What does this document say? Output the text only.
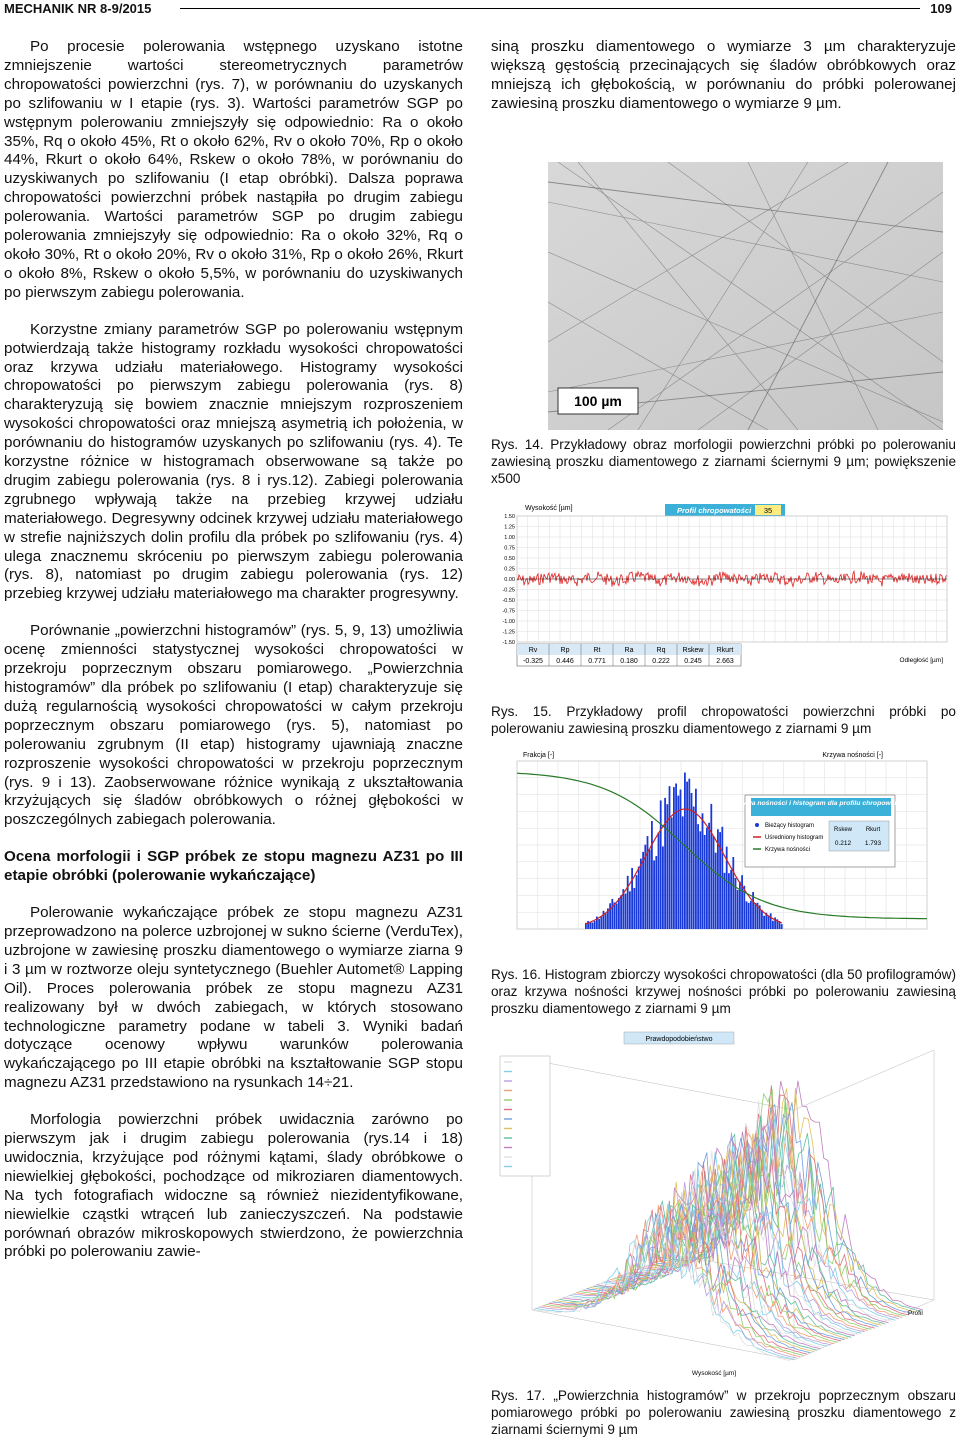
MECHANIK NR 8-9/2015	109

Po procesie polerowania wstępnego uzyskano istotne zmniejszenie wartości stereometrycznych parametrów chropowatości powierzchni (rys. 7), w porównaniu do uzyskanych po szlifowaniu w I etapie (rys. 3). Wartości parametrów SGP po wstępnym polerowaniu zmniejszyły się odpowiednio: Ra o około 35%, Rq o około 45%, Rt o około 62%, Rv o około 70%, Rp o około 44%, Rkurt o około 64%, Rskew o około 78%, w porównaniu do uzyskiwanych po szlifowaniu (I etap obróbki). Dalsza poprawa chropowatości powierzchni próbek nastąpiła po drugim zabiegu polerowania. Wartości parametrów SGP po drugim zabiegu polerowania zmniejszyły się odpowiednio: Ra o około 32%, Rq o około 30%, Rt o około 20%, Rv o około 31%, Rp o około 26%, Rkurt o około 8%, Rskew o około 5,5%, w porównaniu do uzyskiwanych po pierwszym zabiegu polerowania.

Korzystne zmiany parametrów SGP po polerowaniu wstępnym potwierdzają także histogramy rozkładu wysokości chropowatości oraz krzywa udziału materiałowego. Histogramy wysokości chropowatości po pierwszym zabiegu polerowania (rys. 8) charakteryzują się bowiem znacznie mniejszym rozproszeniem wysokości chropowatości oraz mniejszą asymetrią ich położenia, w porównaniu do histogramów uzyskanych po szlifowaniu (rys. 4). Te korzystne różnice w histogramach obserwowane są także po drugim zabiegu polerowania (rys. 8 i rys.12). Zabiegi polerowania zgrubnego wpływają także na przebieg krzywej udziału materiałowego. Degresywny odcinek krzywej udziału materiałowego w strefie najniższych dolin profilu dla próbek po szlifowaniu (rys. 4) ulega znacznemu skróceniu po pierwszym zabiegu polerowania (rys. 8), natomiast po drugim zabiegu polerowania (rys. 12) przebieg krzywej udziału materiałowego ma charakter progresywny.

Porównanie „powierzchni histogramów” (rys. 5, 9, 13) umożliwia ocenę zmienności statystycznej wysokości chropowatości w przekroju poprzecznym obszaru pomiarowego. „Powierzchnia histogramów” dla próbek po szlifowaniu (I etap) charakteryzuje się dużą regularnością wysokości chropowatości w całym przekroju poprzecznym obszaru pomiarowego (rys. 5), natomiast po polerowaniu zgrubnym (II etap) histogramy ujawniają znaczne rozproszenie wysokości chropowatości w przekroju poprzecznym (rys. 9 i 13). Zaobserwowane różnice wynikają z ukształtowania krzyżujących się śladów obróbkowych o różnej głębokości w poszczególnych zabiegach polerowania.

Ocena morfologii i SGP próbek ze stopu magnezu AZ31 po III etapie obróbki (polerowanie wykańczające)

Polerowanie wykańczające próbek ze stopu magnezu AZ31 przeprowadzono na polerce uzbrojonej w sukno ścierne (VerduTex), uzbrojone w zawiesinę proszku diamentowego o wymiarze ziarna 9 i 3 µm w roztworze oleju syntetycznego (Buehler Automet® Lapping Oil). Proces polerowania próbek ze stopu magnezu AZ31 realizowany był w dwóch zabiegach, w których stosowano technologiczne parametry podane w tabeli 3. Wyniki badań dotyczące ocenowy wpływu warunków polerowania wykańczającego po III etapie obróbki na kształtowanie SGP stopu magnezu AZ31 przedstawiono na rysunkach 14÷21.

Morfologia powierzchni próbek uwidacznia zarówno po pierwszym jak i drugim zabiegu polerowania (rys.14 i 18) uwidocznia, krzyżujące pod różnymi kątami, ślady obróbkowe o niewielkiej głębokości, pochodzące od mikroziaren diamentowych. Na tych fotografiach widoczne są również niezidentyfikowane, niewielkie cząstki wtrąceń lub zanieczyszczeń. Na podstawie porównań obrazów mikroskopowych stwierdzono, że powierzchnia próbki po polerowaniu zawie-

siną proszku diamentowego o wymiarze 3 µm charakteryzuje większą gęstością przecinających się śladów obróbkowych oraz mniejszą ich głębokością, w porównaniu do próbki polerowanej zawiesiną proszku diamentowego o wymiarze 9 µm.

100 µm
Rys. 14. Przykładowy obraz morfologii powierzchni próbki po polerowaniu zawiesiną proszku diamentowego z ziarnami ściernymi 9 µm; powiększenie x500
Wysokość [µm]	Profil chropowatości 35
1.50
1.25
1.00
0.75
0.50
0.25
0.00
-0.25
-0.50
-0.75
-1.00
-1.25
-1.50
Rv
-0.325
Rp
0.446
Rt
0.771
Ra
0.180
Rq
0.222
Rskew
0.245
Rkurt
2.663	Odległość [µm]
Rys. 15. Przykładowy profil chropowatości powierzchni próbki po polerowaniu zawiesiną proszku diamentowego z ziarnami 9 µm
Frakcja [-]	Krzywa nośności [-]
Krzywa nośności i histogram dla profilu chropowatości
Bieżący histogram
Uśredniony histogram
Krzywa nośności
Rskew Rkurt
0.212 1.793
Rys. 16. Histogram zbiorczy wysokości chropowatości (dla 50 profilogramów) oraz krzywa nośności krzywej nośności próbki po polerowaniu zawiesiną proszku diamentowego z ziarnami 9 µm
Prawdopodobieństwo
Wysokość [µm]
Profil
Rys. 17. „Powierzchnia histogramów” w przekroju poprzecznym obszaru pomiarowego próbki po polerowaniu zawiesiną proszku diamentowego z ziarnami ściernymi 9 µm
